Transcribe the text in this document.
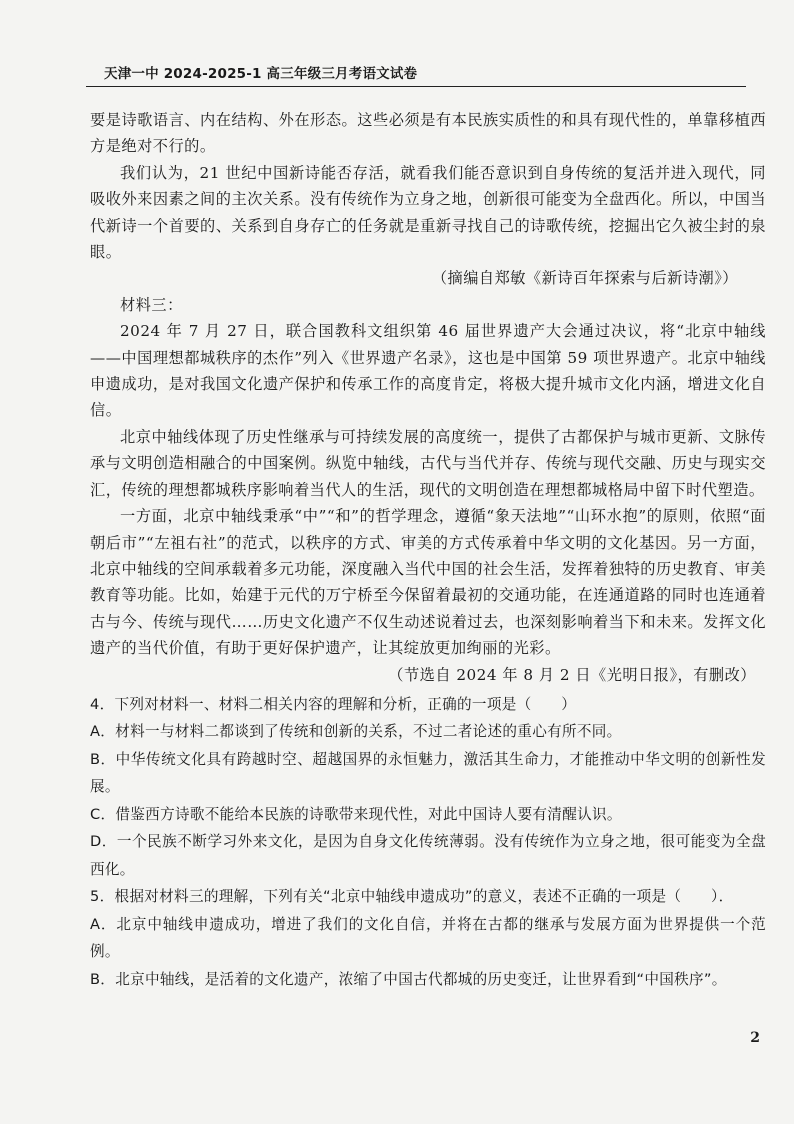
天津一中 2024-2025-1 高三年级三月考语文试卷

要是诗歌语言、内在结构、外在形态。这些必须是有本民族实质性的和具有现代性的，单靠移植西方是绝对不行的。

我们认为，21 世纪中国新诗能否存活，就看我们能否意识到自身传统的复活并进入现代，同吸收外来因素之间的主次关系。没有传统作为立身之地，创新很可能变为全盘西化。所以，中国当代新诗一个首要的、关系到自身存亡的任务就是重新寻找自己的诗歌传统，挖掘出它久被尘封的泉眼。

（摘编自郑敏《新诗百年探索与后新诗潮》）

材料三：

2024 年 7 月 27 日，联合国教科文组织第 46 届世界遗产大会通过决议，将“北京中轴线——中国理想都城秩序的杰作”列入《世界遗产名录》，这也是中国第 59 项世界遗产。北京中轴线申遗成功，是对我国文化遗产保护和传承工作的高度肯定，将极大提升城市文化内涵，增进文化自信。

北京中轴线体现了历史性继承与可持续发展的高度统一，提供了古都保护与城市更新、文脉传承与文明创造相融合的中国案例。纵览中轴线，古代与当代并存、传统与现代交融、历史与现实交汇，传统的理想都城秩序影响着当代人的生活，现代的文明创造在理想都城格局中留下时代塑造。

一方面，北京中轴线秉承“中”“和”的哲学理念，遵循“象天法地”“山环水抱”的原则，依照“面朝后市”“左祖右社”的范式，以秩序的方式、审美的方式传承着中华文明的文化基因。另一方面，北京中轴线的空间承载着多元功能，深度融入当代中国的社会生活，发挥着独特的历史教育、审美教育等功能。比如，始建于元代的万宁桥至今保留着最初的交通功能，在连通道路的同时也连通着古与今、传统与现代……历史文化遗产不仅生动述说着过去，也深刻影响着当下和未来。发挥文化遗产的当代价值，有助于更好保护遗产，让其绽放更加绚丽的光彩。

（节选自 2024 年 8 月 2 日《光明日报》，有删改）

4．下列对材料一、材料二相关内容的理解和分析，正确的一项是（　　）

A．材料一与材料二都谈到了传统和创新的关系，不过二者论述的重心有所不同。

B．中华传统文化具有跨越时空、超越国界的永恒魅力，激活其生命力，才能推动中华文明的创新性发展。

C．借鉴西方诗歌不能给本民族的诗歌带来现代性，对此中国诗人要有清醒认识。

D．一个民族不断学习外来文化，是因为自身文化传统薄弱。没有传统作为立身之地，很可能变为全盘西化。

5．根据对材料三的理解，下列有关“北京中轴线申遗成功”的意义，表述不正确的一项是（　　）．

A．北京中轴线申遗成功，增进了我们的文化自信，并将在古都的继承与发展方面为世界提供一个范例。

B．北京中轴线，是活着的文化遗产，浓缩了中国古代都城的历史变迁，让世界看到“中国秩序”。

2
